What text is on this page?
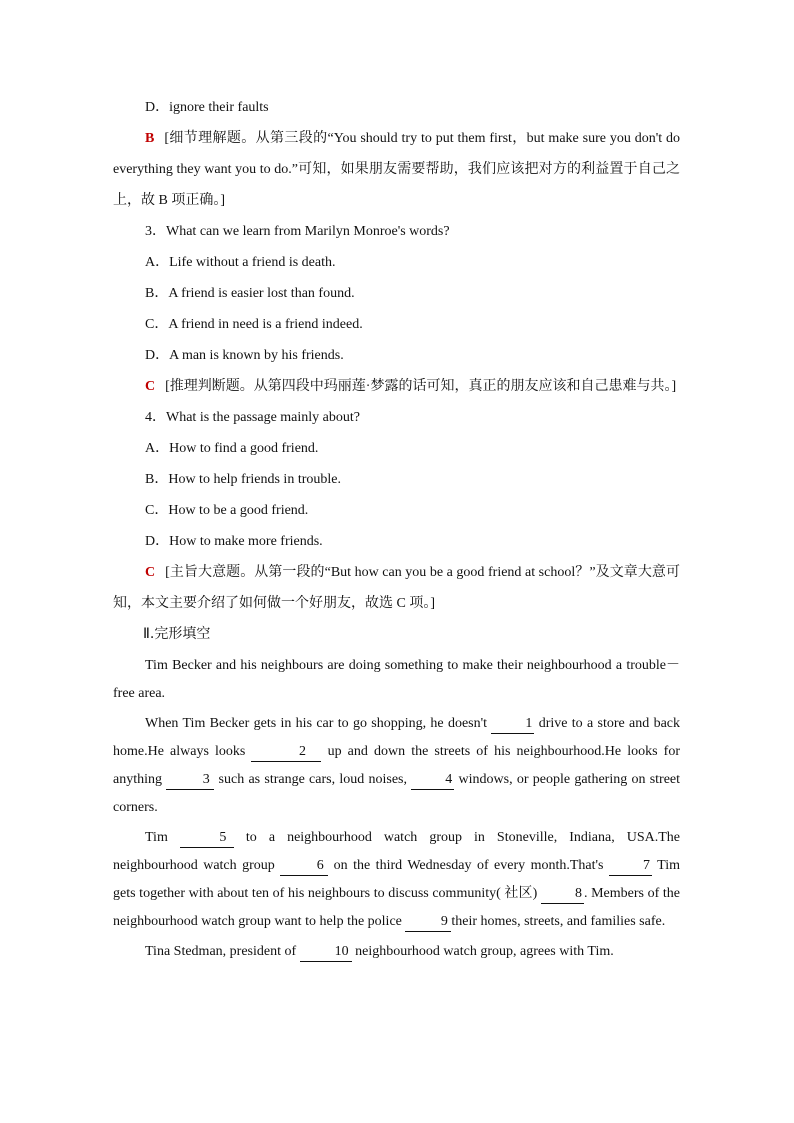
D．ignore their faults
B [细节理解题。从第三段的“You should try to put them first，but make sure you don't do everything they want you to do.”可知，如果朋友需要帮助，我们应该把对方的利益置于自己之上，故 B 项正确。]
3．What can we learn from Marilyn Monroe's words?
A．Life without a friend is death.
B．A friend is easier lost than found.
C．A friend in need is a friend indeed.
D．A man is known by his friends.
C [推理判断题。从第四段中玛丽莲·梦露的话可知，真正的朋友应该和自己患难与共。]
4．What is the passage mainly about?
A．How to find a good friend.
B．How to help friends in trouble.
C．How to be a good friend.
D．How to make more friends.
C [主旨大意题。从第一段的“But how can you be a good friend at school？”及文章大意可知，本文主要介绍了如何做一个好朋友，故选 C 项。]
Ⅱ.完形填空
Tim Becker and his neighbours are doing something to make their neighbourhood a trouble－free area.
When Tim Becker gets in his car to go shopping, he doesn't	1 drive to a store and back home.He always looks	2 up and down the streets of his neighbourhood.He looks for anything	3 such as strange cars, loud noises,	4 windows, or people gathering on street corners.
Tim	5 to a neighbourhood watch group in Stoneville, Indiana, USA.The neighbourhood watch group	6 on the third Wednesday of every month.That's	7 Tim gets together with about ten of his neighbours to discuss community( 社区)	8 . Members of the neighbourhood watch group want to help the police	9 their homes, streets, and families safe.
Tina Stedman, president of	10 neighbourhood watch group, agrees with Tim.
